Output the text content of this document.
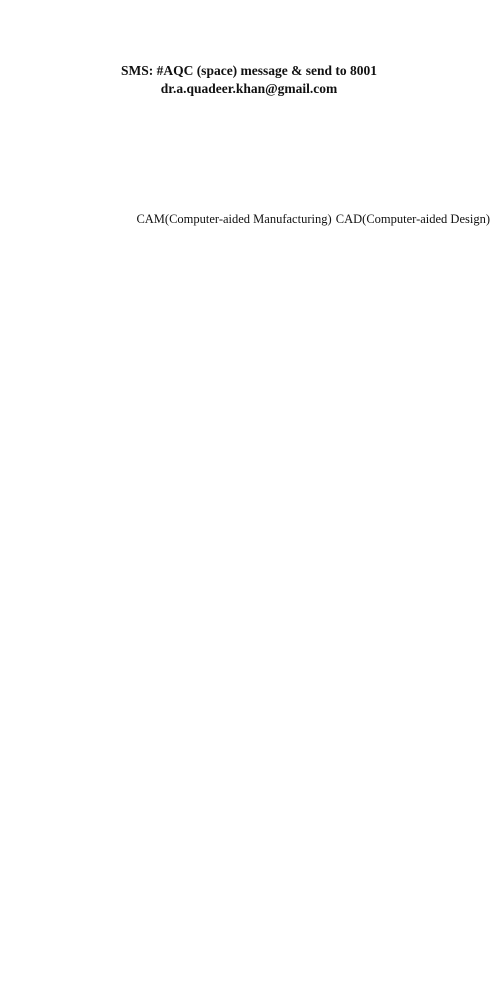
SMS: #AQC (space) message & send to 8001
dr.a.quadeer.khan@gmail.com

CAM(Computer-aided Manufacturing) CAD(Computer-aided Design)
